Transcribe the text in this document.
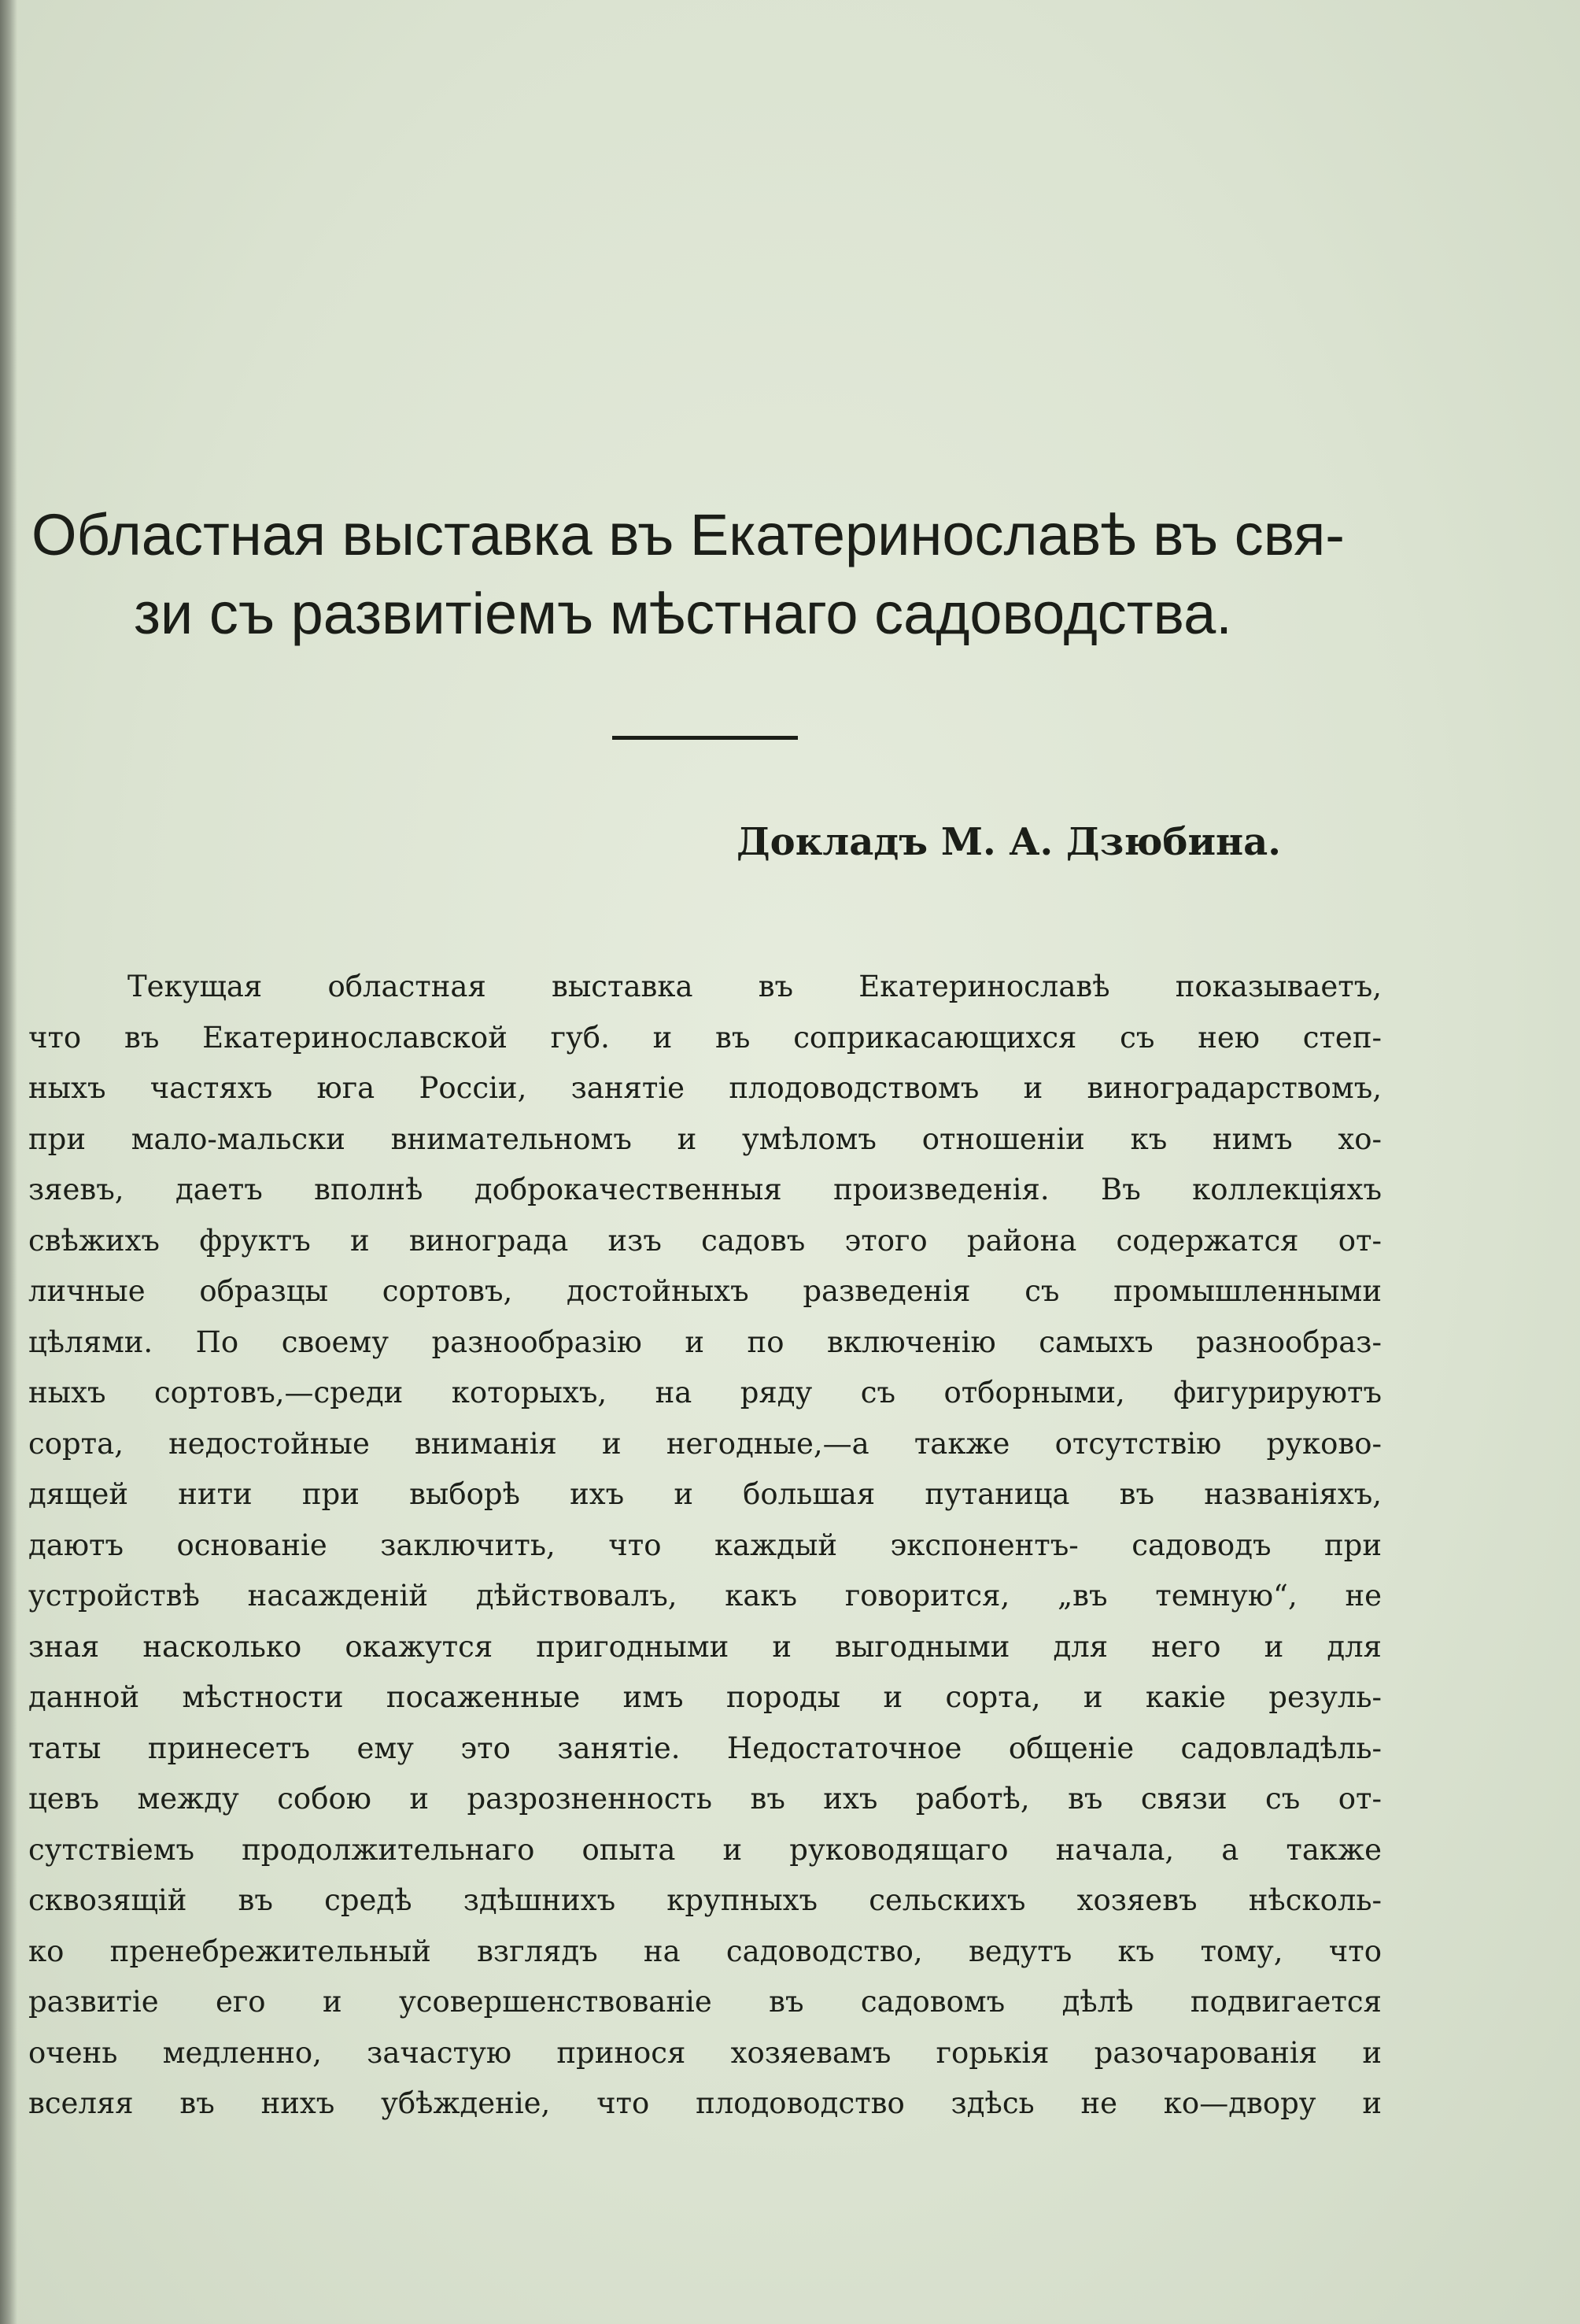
Областная выставка въ Екатеринославѣ въ свя-
зи съ развитіемъ мѣстнаго садоводства.

Докладъ М. А. Дзюбина.

Текущая областная выставка въ Екатеринославѣ показываетъ,
что въ Екатеринославской губ. и въ соприкасающихся съ нею степ-
ныхъ частяхъ юга Россіи, занятіе плодоводствомъ и виноградарствомъ,
при мало-мальски внимательномъ и умѣломъ отношеніи къ нимъ хо-
зяевъ, даетъ вполнѣ доброкачественныя произведенія. Въ коллекціяхъ
свѣжихъ фруктъ и винограда изъ садовъ этого района содержатся от-
личные образцы сортовъ, достойныхъ разведенія съ промышленными
цѣлями. По своему разнообразію и по включенію самыхъ разнообраз-
ныхъ сортовъ,—среди которыхъ, на ряду съ отборными, фигурируютъ
сорта, недостойные вниманія и негодные,—а также отсутствію руково-
дящей нити при выборѣ ихъ и большая путаница въ названіяхъ,
даютъ основаніе заключить, что каждый экспонентъ- садоводъ при
устройствѣ насажденій дѣйствовалъ, какъ говорится, „въ темную“, не
зная насколько окажутся пригодными и выгодными для него и для
данной мѣстности посаженные имъ породы и сорта, и какіе резуль-
таты принесетъ ему это занятіе. Недостаточное общеніе садовладѣль-
цевъ между собою и разрозненность въ ихъ работѣ, въ связи съ от-
сутствіемъ продолжительнаго опыта и руководящаго начала, а также
сквозящій въ средѣ здѣшнихъ крупныхъ сельскихъ хозяевъ нѣсколь-
ко пренебрежительный взглядъ на садоводство, ведутъ къ тому, что
развитіе его и усовершенствованіе въ садовомъ дѣлѣ подвигается
очень медленно, зачастую принося хозяевамъ горькія разочарованія и
вселяя въ нихъ убѣжденіе, что плодоводство здѣсь не ко—двору и
